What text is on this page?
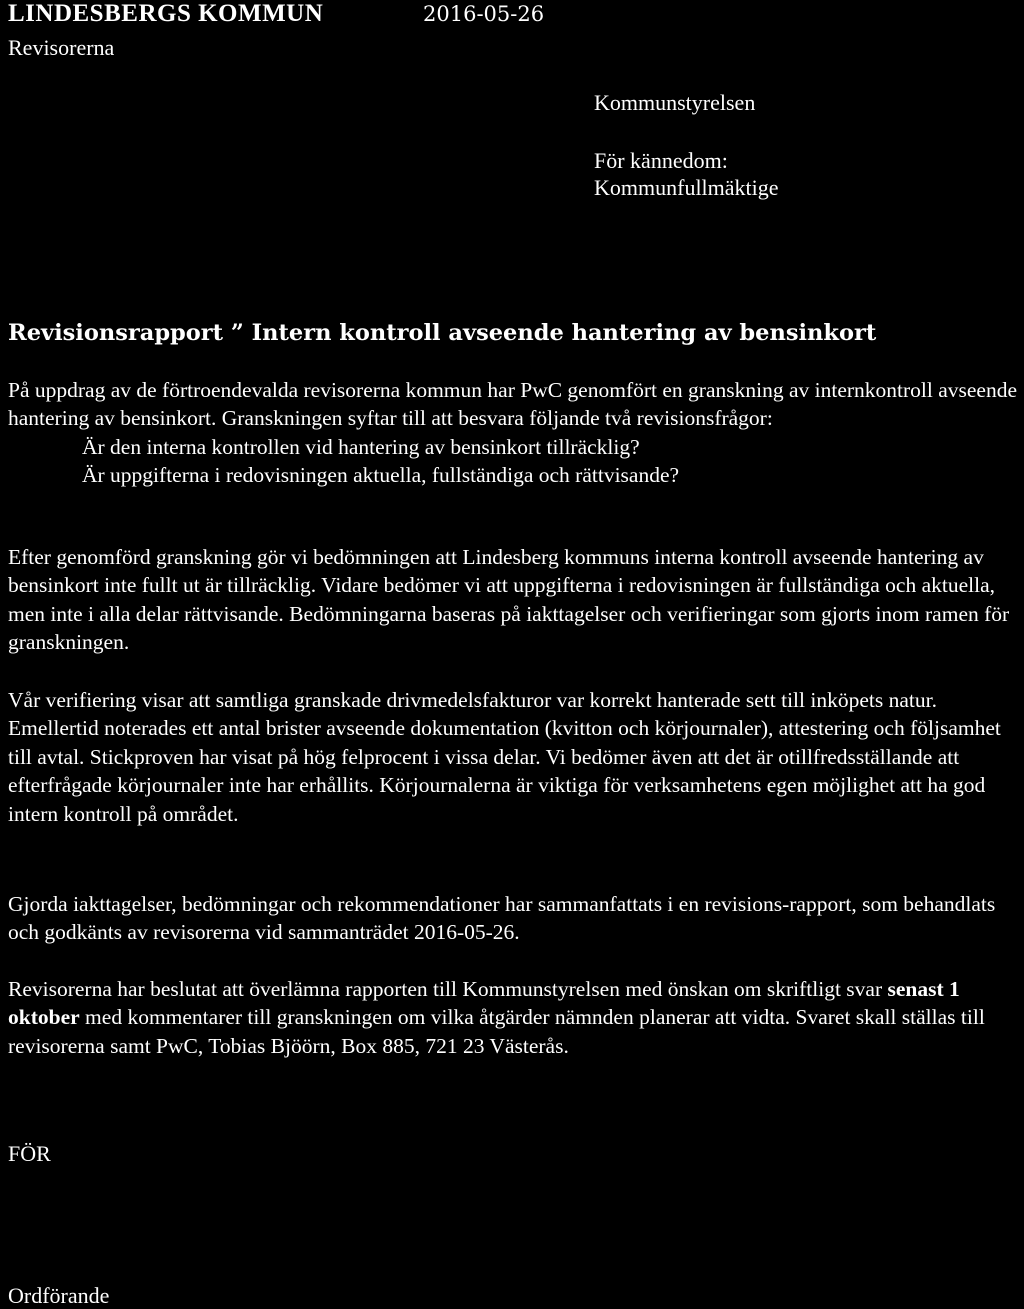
LINDESBERGS KOMMUN
Revisorerna
2016-05-26
Kommunstyrelsen
För kännedom:
Kommunfullmäktige
Revisionsrapport ” Intern kontroll avseende hantering av bensinkort

På uppdrag av de förtroendevalda revisorerna kommun har PwC genomfört en granskning av internkontroll avseende hantering av bensinkort. Granskningen syftar till att besvara följande två revisionsfrågor:

Är den interna kontrollen vid hantering av bensinkort tillräcklig?
Är uppgifterna i redovisningen aktuella, fullständiga och rättvisande?
Efter genomförd granskning gör vi bedömningen att Lindesberg kommuns interna kontroll avseende hantering av bensinkort inte fullt ut är tillräcklig. Vidare bedömer vi att uppgifterna i redovisningen är fullständiga och aktuella, men inte i alla delar rättvisande. Bedömningarna baseras på iakttagelser och verifieringar som gjorts inom ramen för granskningen.
Vår verifiering visar att samtliga granskade drivmedelsfakturor var korrekt hanterade sett till inköpets natur. Emellertid noterades ett antal brister avseende dokumentation (kvitton och körjournaler), attestering och följsamhet till avtal. Stickproven har visat på hög felprocent i vissa delar. Vi bedömer även att det är otillfredsställande att efterfrågade körjournaler inte har erhållits. Körjournalerna är viktiga för verksamhetens egen möjlighet att ha god intern kontroll på området.
Gjorda iakttagelser, bedömningar och rekommendationer har sammanfattats i en revisions-rapport, som behandlats och godkänts av revisorerna vid sammanträdet 2016-05-26.
Revisorerna har beslutat att överlämna rapporten till Kommunstyrelsen med önskan om skriftligt svar senast 1 oktober med kommentarer till granskningen om vilka åtgärder nämnden planerar att vidta. Svaret skall ställas till revisorerna samt PwC, Tobias Bjöörn, Box 885, 721 23 Västerås.
FÖR
Ordförande
